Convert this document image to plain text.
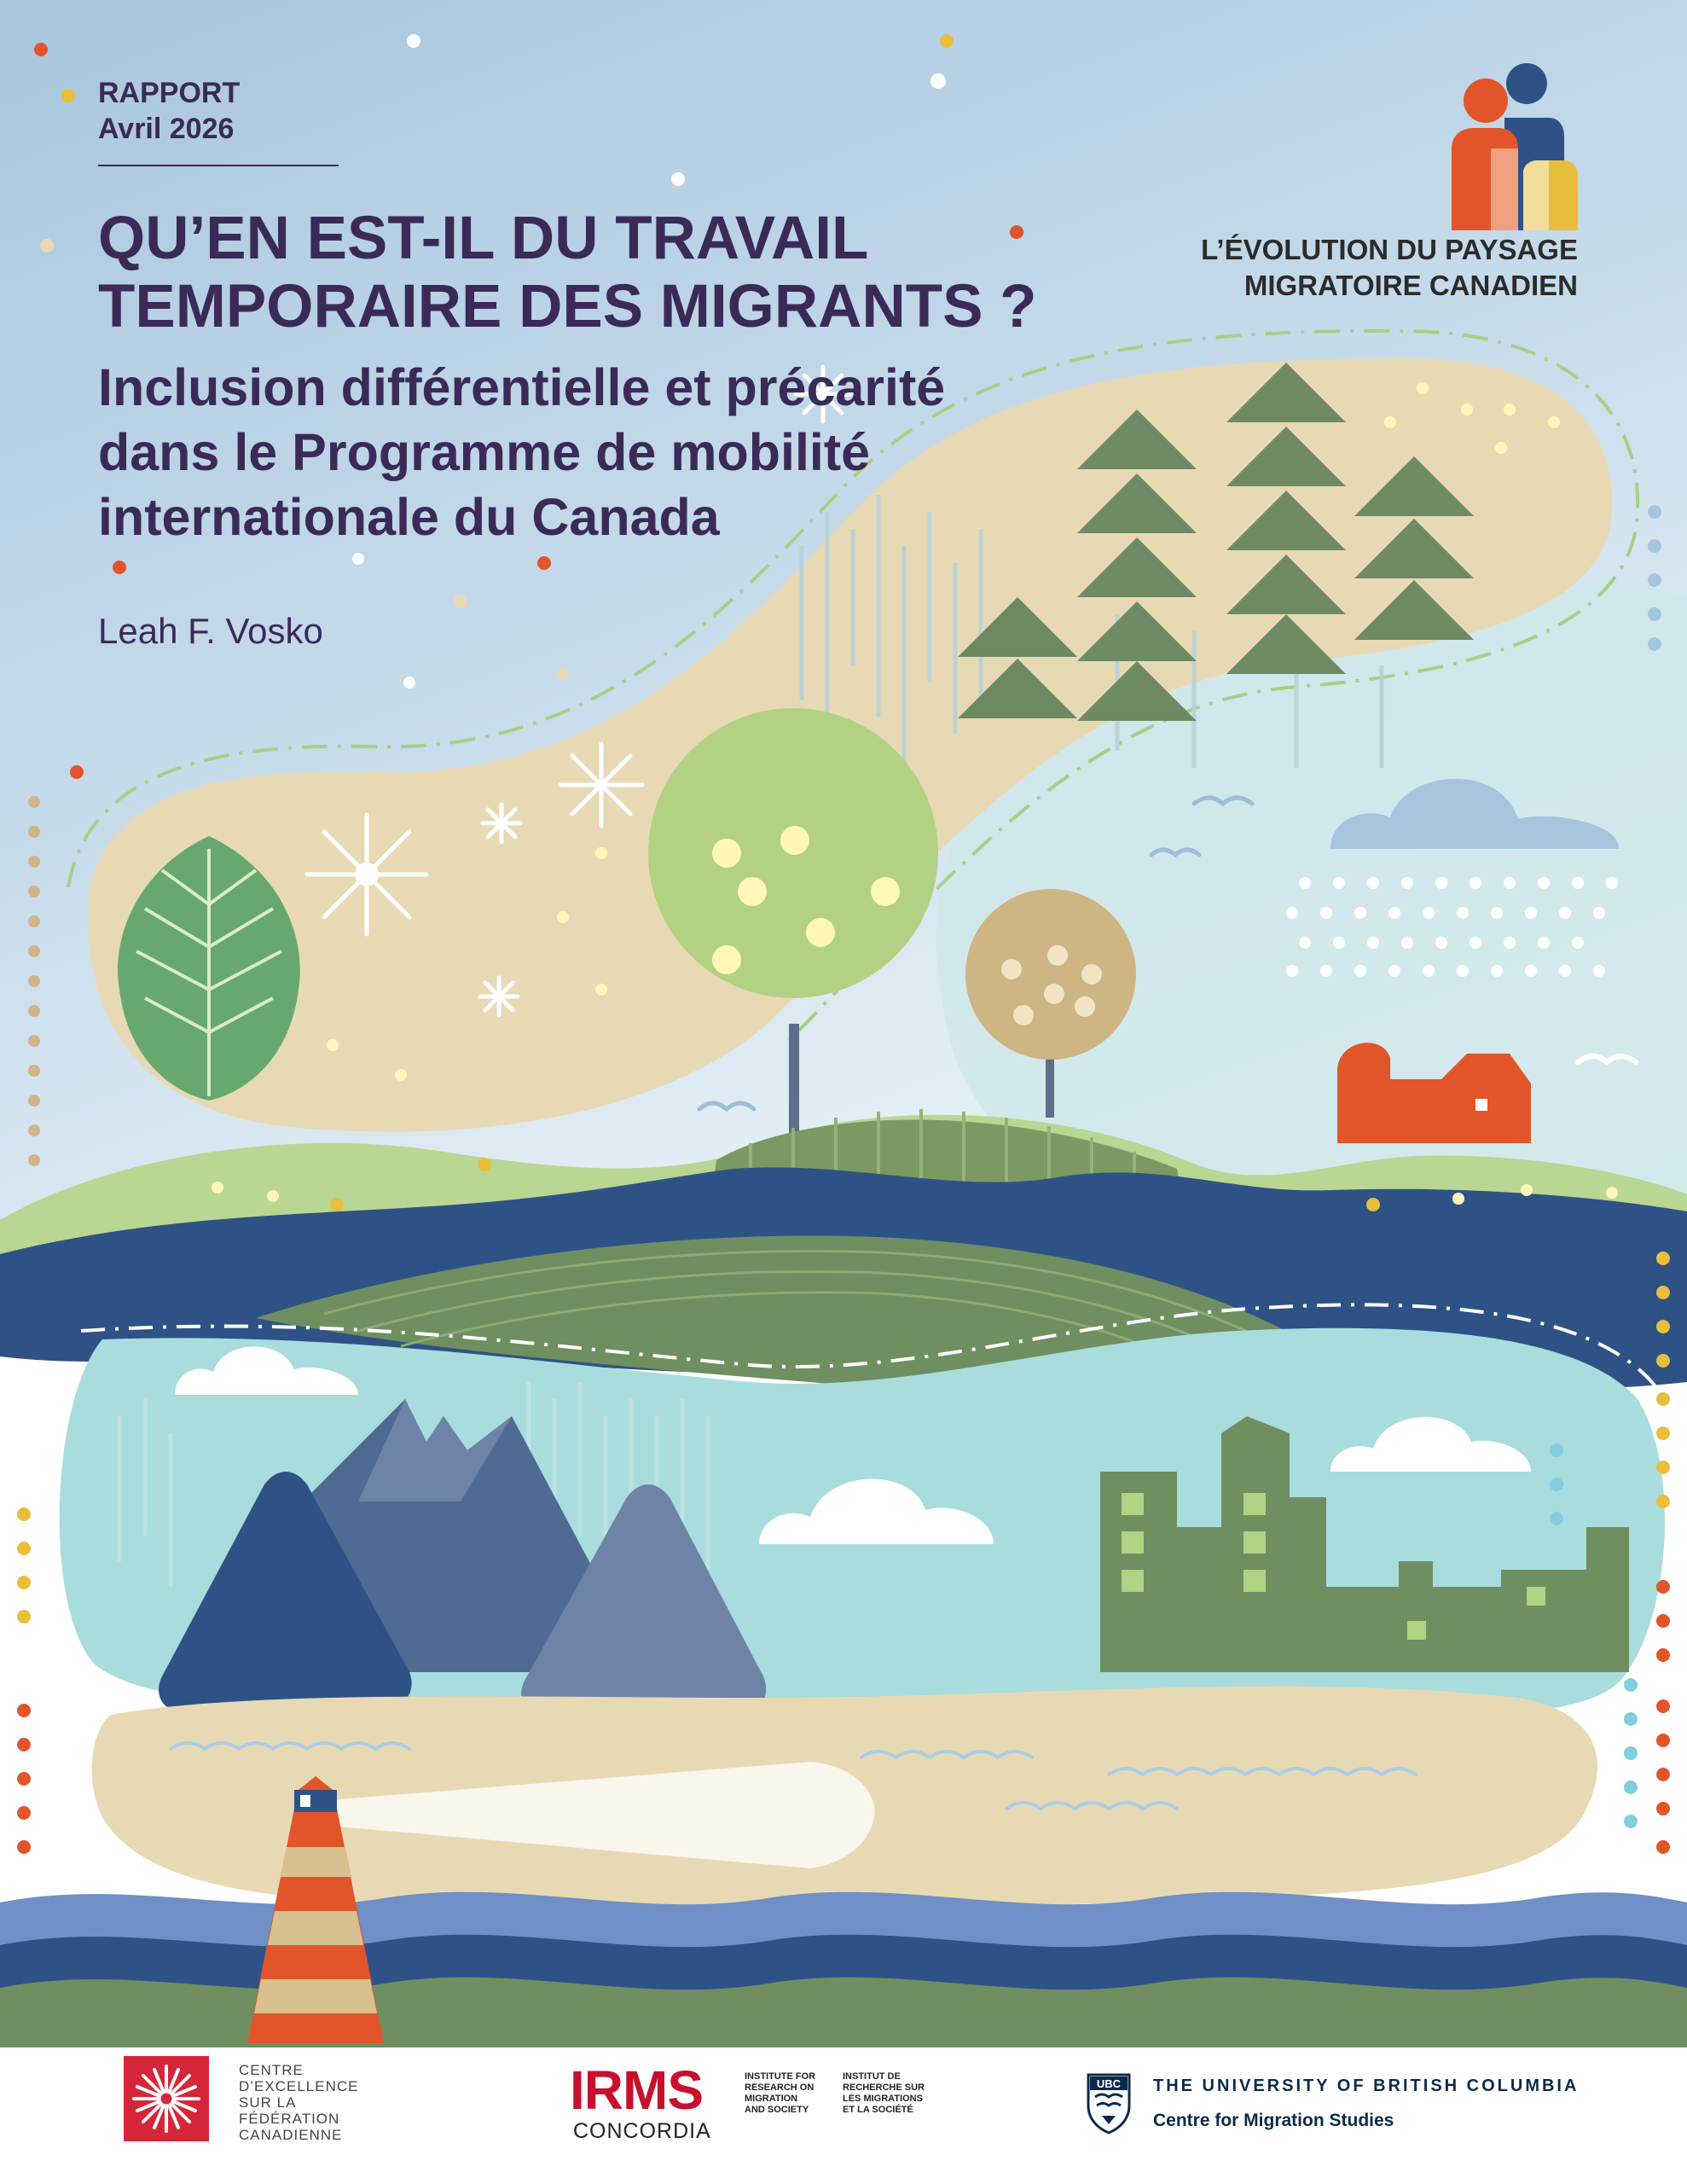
RAPPORT
Avril 2026
QU’EN EST-IL DU TRAVAIL
TEMPORAIRE DES MIGRANTS ?
Inclusion différentielle et précarité
dans le Programme de mobilité
internationale du Canada
Leah F. Vosko
L’ÉVOLUTION DU PAYSAGE
MIGRATOIRE CANADIEN
CENTRE
D’EXCELLENCE
SUR LA
FÉDÉRATION
CANADIENNE
IRMS
CONCORDIA
INSTITUTE FOR
RESEARCH ON
MIGRATION
AND SOCIETY
INSTITUT DE
RECHERCHE SUR
LES MIGRATIONS
ET LA SOCIÉTÉ
UBC THE UNIVERSITY OF BRITISH COLUMBIA
Centre for Migration Studies
